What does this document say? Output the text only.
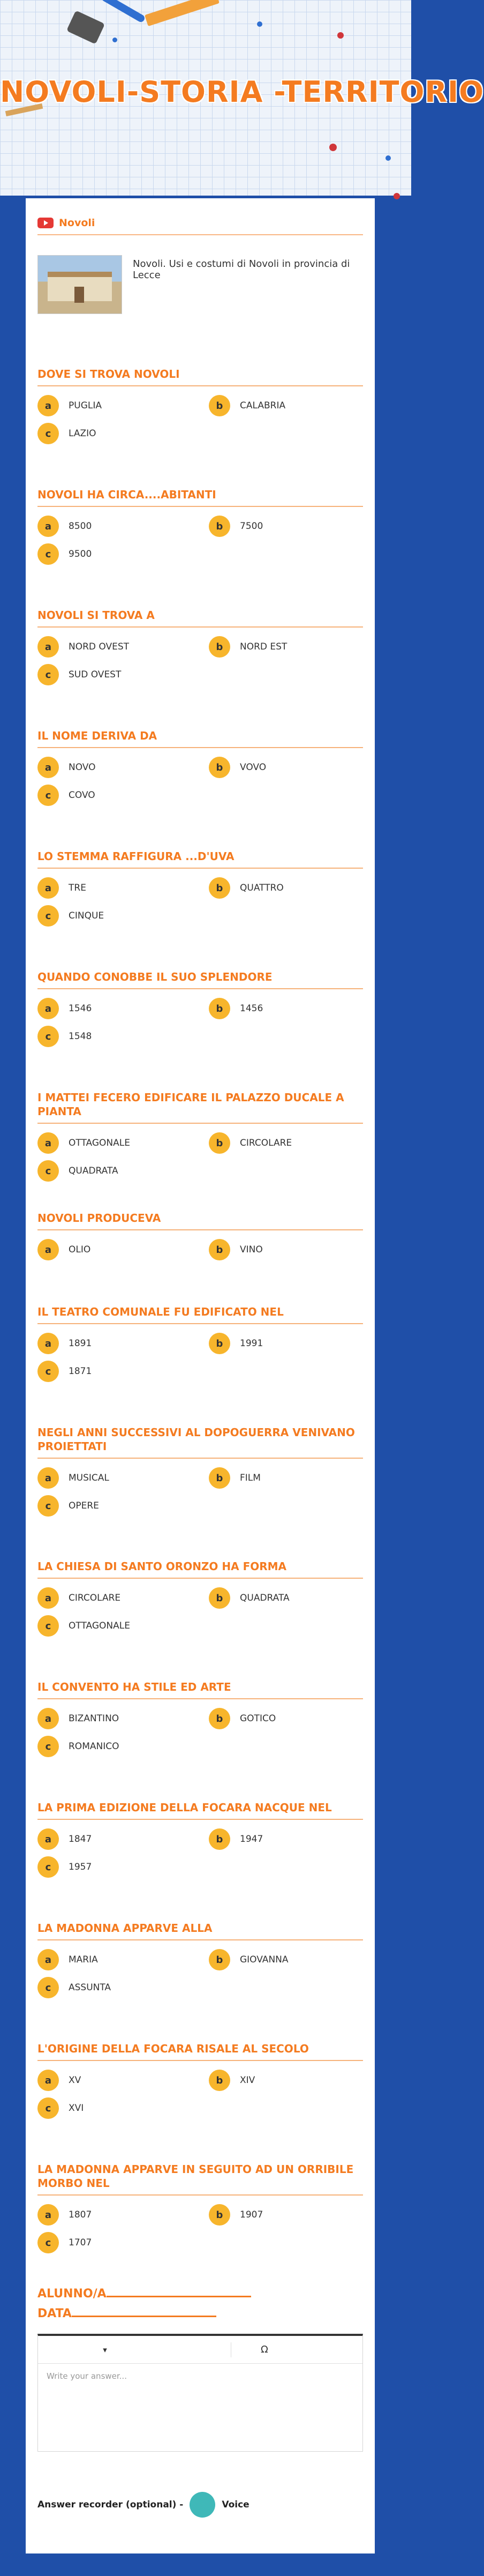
NOVOLI-STORIA -TERRITORIO
Novoli
Novoli. Usi e costumi di Novoli in provincia di Lecce
DOVE SI TROVA NOVOLI
a	PUGLIA	b	CALABRIA
c	LAZIO
NOVOLI HA CIRCA....ABITANTI
a	8500	b	7500
c	9500
NOVOLI SI TROVA A
a	NORD OVEST	b	NORD EST
c	SUD OVEST
IL NOME DERIVA DA
a	NOVO	b	VOVO
c	COVO
LO STEMMA RAFFIGURA ...D'UVA
a	TRE	b	QUATTRO
c	CINQUE
QUANDO CONOBBE IL SUO SPLENDORE
a	1546	b	1456
c	1548
I MATTEI FECERO EDIFICARE IL PALAZZO DUCALE A PIANTA
a	OTTAGONALE	b	CIRCOLARE
c	QUADRATA
NOVOLI PRODUCEVA
a	OLIO	b	VINO
IL TEATRO COMUNALE FU EDIFICATO NEL
a	1891	b	1991
c	1871
NEGLI ANNI SUCCESSIVI AL DOPOGUERRA VENIVANO PROIETTATI
a	MUSICAL	b	FILM
c	OPERE
LA CHIESA DI SANTO ORONZO HA FORMA
a	CIRCOLARE	b	QUADRATA
c	OTTAGONALE
IL CONVENTO HA STILE ED ARTE
a	BIZANTINO	b	GOTICO
c	ROMANICO
LA PRIMA EDIZIONE DELLA FOCARA NACQUE NEL
a	1847	b	1947
c	1957
LA MADONNA APPARVE ALLA
a	MARIA	b	GIOVANNA
c	ASSUNTA
L'ORIGINE DELLA FOCARA RISALE AL SECOLO
a	XV	b	XIV
c	XVI
LA MADONNA APPARVE IN SEGUITO AD UN ORRIBILE MORBO NEL
a	1807	b	1907
c	1707
ALUNNO/A
DATA
▾	Ω
Write your answer...
Answer recorder (optional) -	Voice
